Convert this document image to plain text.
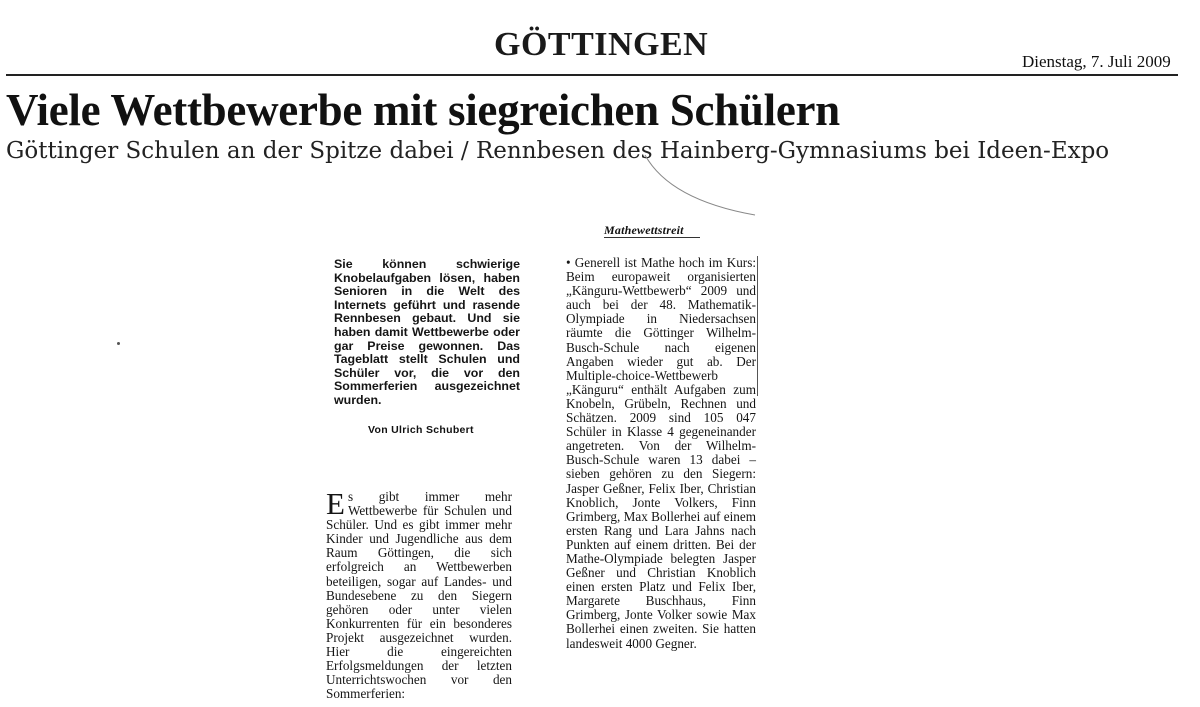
GÖTTINGEN	Dienstag, 7. Juli 2009
Viele Wettbewerbe mit siegreichen Schülern
Göttinger Schulen an der Spitze dabei / Rennbesen des Hainberg-Gymnasiums bei Ideen-Expo
Sie können schwierige Knobelaufgaben lösen, haben Senioren in die Welt des Internets geführt und rasende Rennbesen gebaut. Und sie haben damit Wettbewerbe oder gar Preise gewonnen. Das Tageblatt stellt Schulen und Schüler vor, die vor den Sommerferien ausgezeichnet wurden.
Von Ulrich Schubert
Es gibt immer mehr Wettbewerbe für Schulen und Schüler. Und es gibt immer mehr Kinder und Jugendliche aus dem Raum Göttingen, die sich erfolgreich an Wettbewerben beteiligen, sogar auf Landes- und Bundesebene zu den Siegern gehören oder unter vielen Konkurrenten für ein besonderes Projekt ausgezeichnet wurden. Hier die eingereichten Erfolgsmeldungen der letzten Unterrichtswochen vor den Sommerferien:
Mathewettstreit
• Generell ist Mathe hoch im Kurs: Beim europaweit organisierten „Känguru-Wettbewerb“ 2009 und auch bei der 48. Mathematik-Olympiade in Niedersachsen räumte die Göttinger Wilhelm-Busch-Schule nach eigenen Angaben wieder gut ab. Der Multiple-choice-Wettbewerb „Känguru“ enthält Aufgaben zum Knobeln, Grübeln, Rechnen und Schätzen. 2009 sind 105 047 Schüler in Klasse 4 gegeneinander angetreten. Von der Wilhelm-Busch-Schule waren 13 dabei – sieben gehören zu den Siegern: Jasper Geßner, Felix Iber, Christian Knoblich, Jonte Volkers, Finn Grimberg, Max Bollerhei auf einem ersten Rang und Lara Jahns nach Punkten auf einem dritten. Bei der Mathe-Olympiade belegten Jasper Geßner und Christian Knoblich einen ersten Platz und Felix Iber, Margarete Buschhaus, Finn Grimberg, Jonte Volker sowie Max Bollerhei einen zweiten. Sie hatten landesweit 4000 Gegner.
